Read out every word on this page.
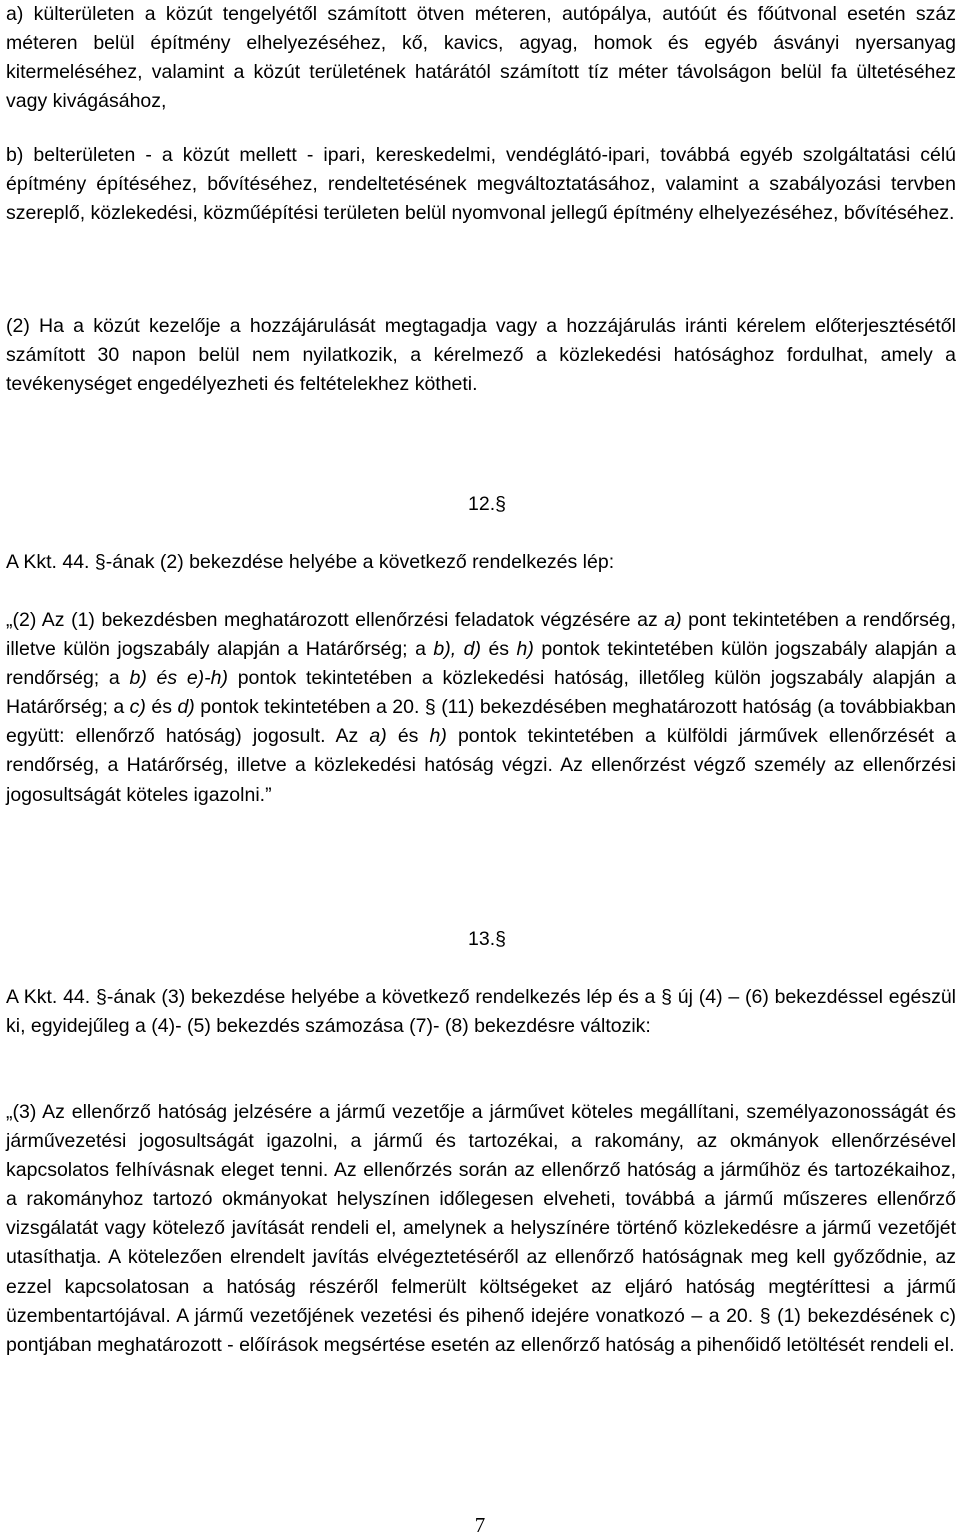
a) külterületen a közút tengelyétől számított ötven méteren, autópálya, autóút és főútvonal esetén száz méteren belül építmény elhelyezéséhez, kő, kavics, agyag, homok és egyéb ásványi nyersanyag kitermeléséhez, valamint a közút területének határától számított tíz méter távolságon belül fa ültetéséhez vagy kivágásához,
b) belterületen - a közút mellett - ipari, kereskedelmi, vendéglátó-ipari, továbbá egyéb szolgáltatási célú építmény építéséhez, bővítéséhez, rendeltetésének megváltoztatásához, valamint a szabályozási tervben szereplő, közlekedési, közműépítési területen belül nyomvonal jellegű építmény elhelyezéséhez, bővítéséhez.
(2) Ha a közút kezelője a hozzájárulását megtagadja vagy a hozzájárulás iránti kérelem előterjesztésétől számított 30 napon belül nem nyilatkozik, a kérelmező a közlekedési hatósághoz fordulhat, amely a tevékenységet engedélyezheti és feltételekhez kötheti.
12.§
A Kkt. 44. §-ának (2) bekezdése helyébe a következő rendelkezés lép:
„(2) Az (1) bekezdésben meghatározott ellenőrzési feladatok végzésére az a) pont tekintetében a rendőrség, illetve külön jogszabály alapján a Határőrség; a b), d) és h) pontok tekintetében külön jogszabály alapján a rendőrség; a b) és e)-h) pontok tekintetében a közlekedési hatóság, illetőleg külön jogszabály alapján a Határőrség; a c) és d) pontok tekintetében a 20. § (11) bekezdésében meghatározott hatóság (a továbbiakban együtt: ellenőrző hatóság) jogosult. Az a) és h) pontok tekintetében a külföldi járművek ellenőrzését a rendőrség, a Határőrség, illetve a közlekedési hatóság végzi. Az ellenőrzést végző személy az ellenőrzési jogosultságát köteles igazolni.”
13.§
A Kkt. 44. §-ának (3) bekezdése helyébe a következő rendelkezés lép és a § új (4) – (6) bekezdéssel egészül ki, egyidejűleg a (4)- (5) bekezdés számozása (7)- (8) bekezdésre változik:
„(3) Az ellenőrző hatóság jelzésére a jármű vezetője a járművet köteles megállítani, személyazonosságát és járművezetési jogosultságát igazolni, a jármű és tartozékai, a rakomány, az okmányok ellenőrzésével kapcsolatos felhívásnak eleget tenni. Az ellenőrzés során az ellenőrző hatóság a járműhöz és tartozékaihoz, a rakományhoz tartozó okmányokat helyszínen időlegesen elveheti, továbbá a jármű műszeres ellenőrző vizsgálatát vagy kötelező javítását rendeli el, amelynek a helyszínére történő közlekedésre a jármű vezetőjét utasíthatja. A kötelezően elrendelt javítás elvégeztetéséről az ellenőrző hatóságnak meg kell győződnie, az ezzel kapcsolatosan a hatóság részéről felmerült költségeket az eljáró hatóság megtéríttesi a jármű üzembentartójával. A jármű vezetőjének vezetési és pihenő idejére vonatkozó – a 20. § (1) bekezdésének c) pontjában meghatározott - előírások megsértése esetén az ellenőrző hatóság a pihenőidő letöltését rendeli el.
7
